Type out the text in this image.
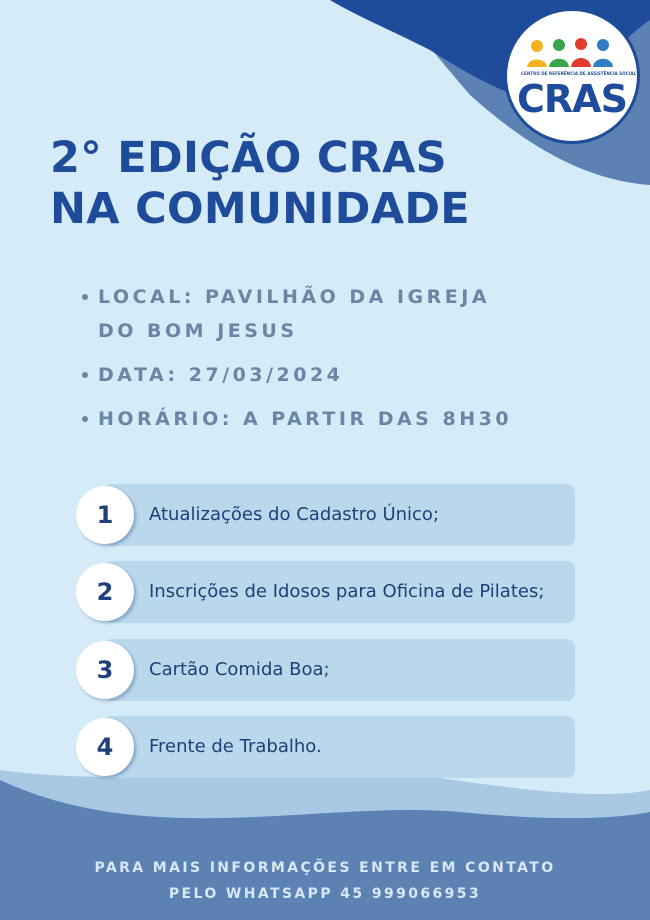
CENTRO DE REFERÊNCIA DE ASSISTÊNCIA SOCIAL
CRAS
2° EDIÇÃO CRAS
NA COMUNIDADE
LOCAL: PAVILHÃO DA IGREJA
DO BOM JESUS
DATA: 27/03/2024
HORÁRIO: A PARTIR DAS 8H30
Atualizações do Cadastro Único;
1
Inscrições de Idosos para Oficina de Pilates;
2
Cartão Comida Boa;
3
Frente de Trabalho.
4
PARA MAIS INFORMAÇÕES ENTRE EM CONTATO
PELO WHATSAPP 45 999066953
